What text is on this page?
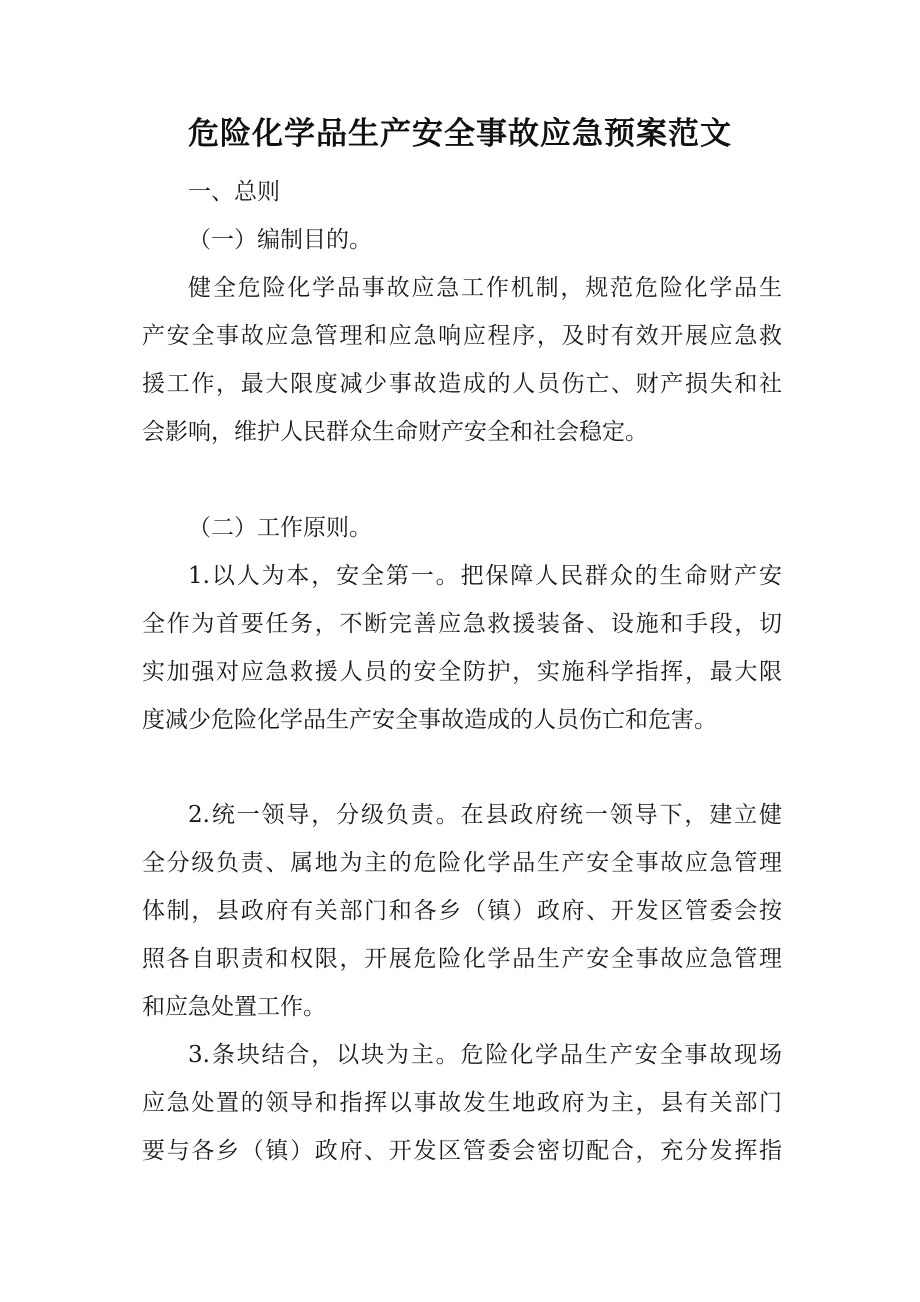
危险化学品生产安全事故应急预案范文

一、总则

（一）编制目的。

健全危险化学品事故应急工作机制，规范危险化学品生

产安全事故应急管理和应急响应程序，及时有效开展应急救

援工作，最大限度减少事故造成的人员伤亡、财产损失和社

会影响，维护人民群众生命财产安全和社会稳定。

（二）工作原则。

1.以人为本，安全第一。把保障人民群众的生命财产安

全作为首要任务，不断完善应急救援装备、设施和手段，切

实加强对应急救援人员的安全防护，实施科学指挥，最大限

度减少危险化学品生产安全事故造成的人员伤亡和危害。

2.统一领导，分级负责。在县政府统一领导下，建立健

全分级负责、属地为主的危险化学品生产安全事故应急管理

体制，县政府有关部门和各乡（镇）政府、开发区管委会按

照各自职责和权限，开展危险化学品生产安全事故应急管理

和应急处置工作。

3.条块结合，以块为主。危险化学品生产安全事故现场

应急处置的领导和指挥以事故发生地政府为主，县有关部门

要与各乡（镇）政府、开发区管委会密切配合，充分发挥指
